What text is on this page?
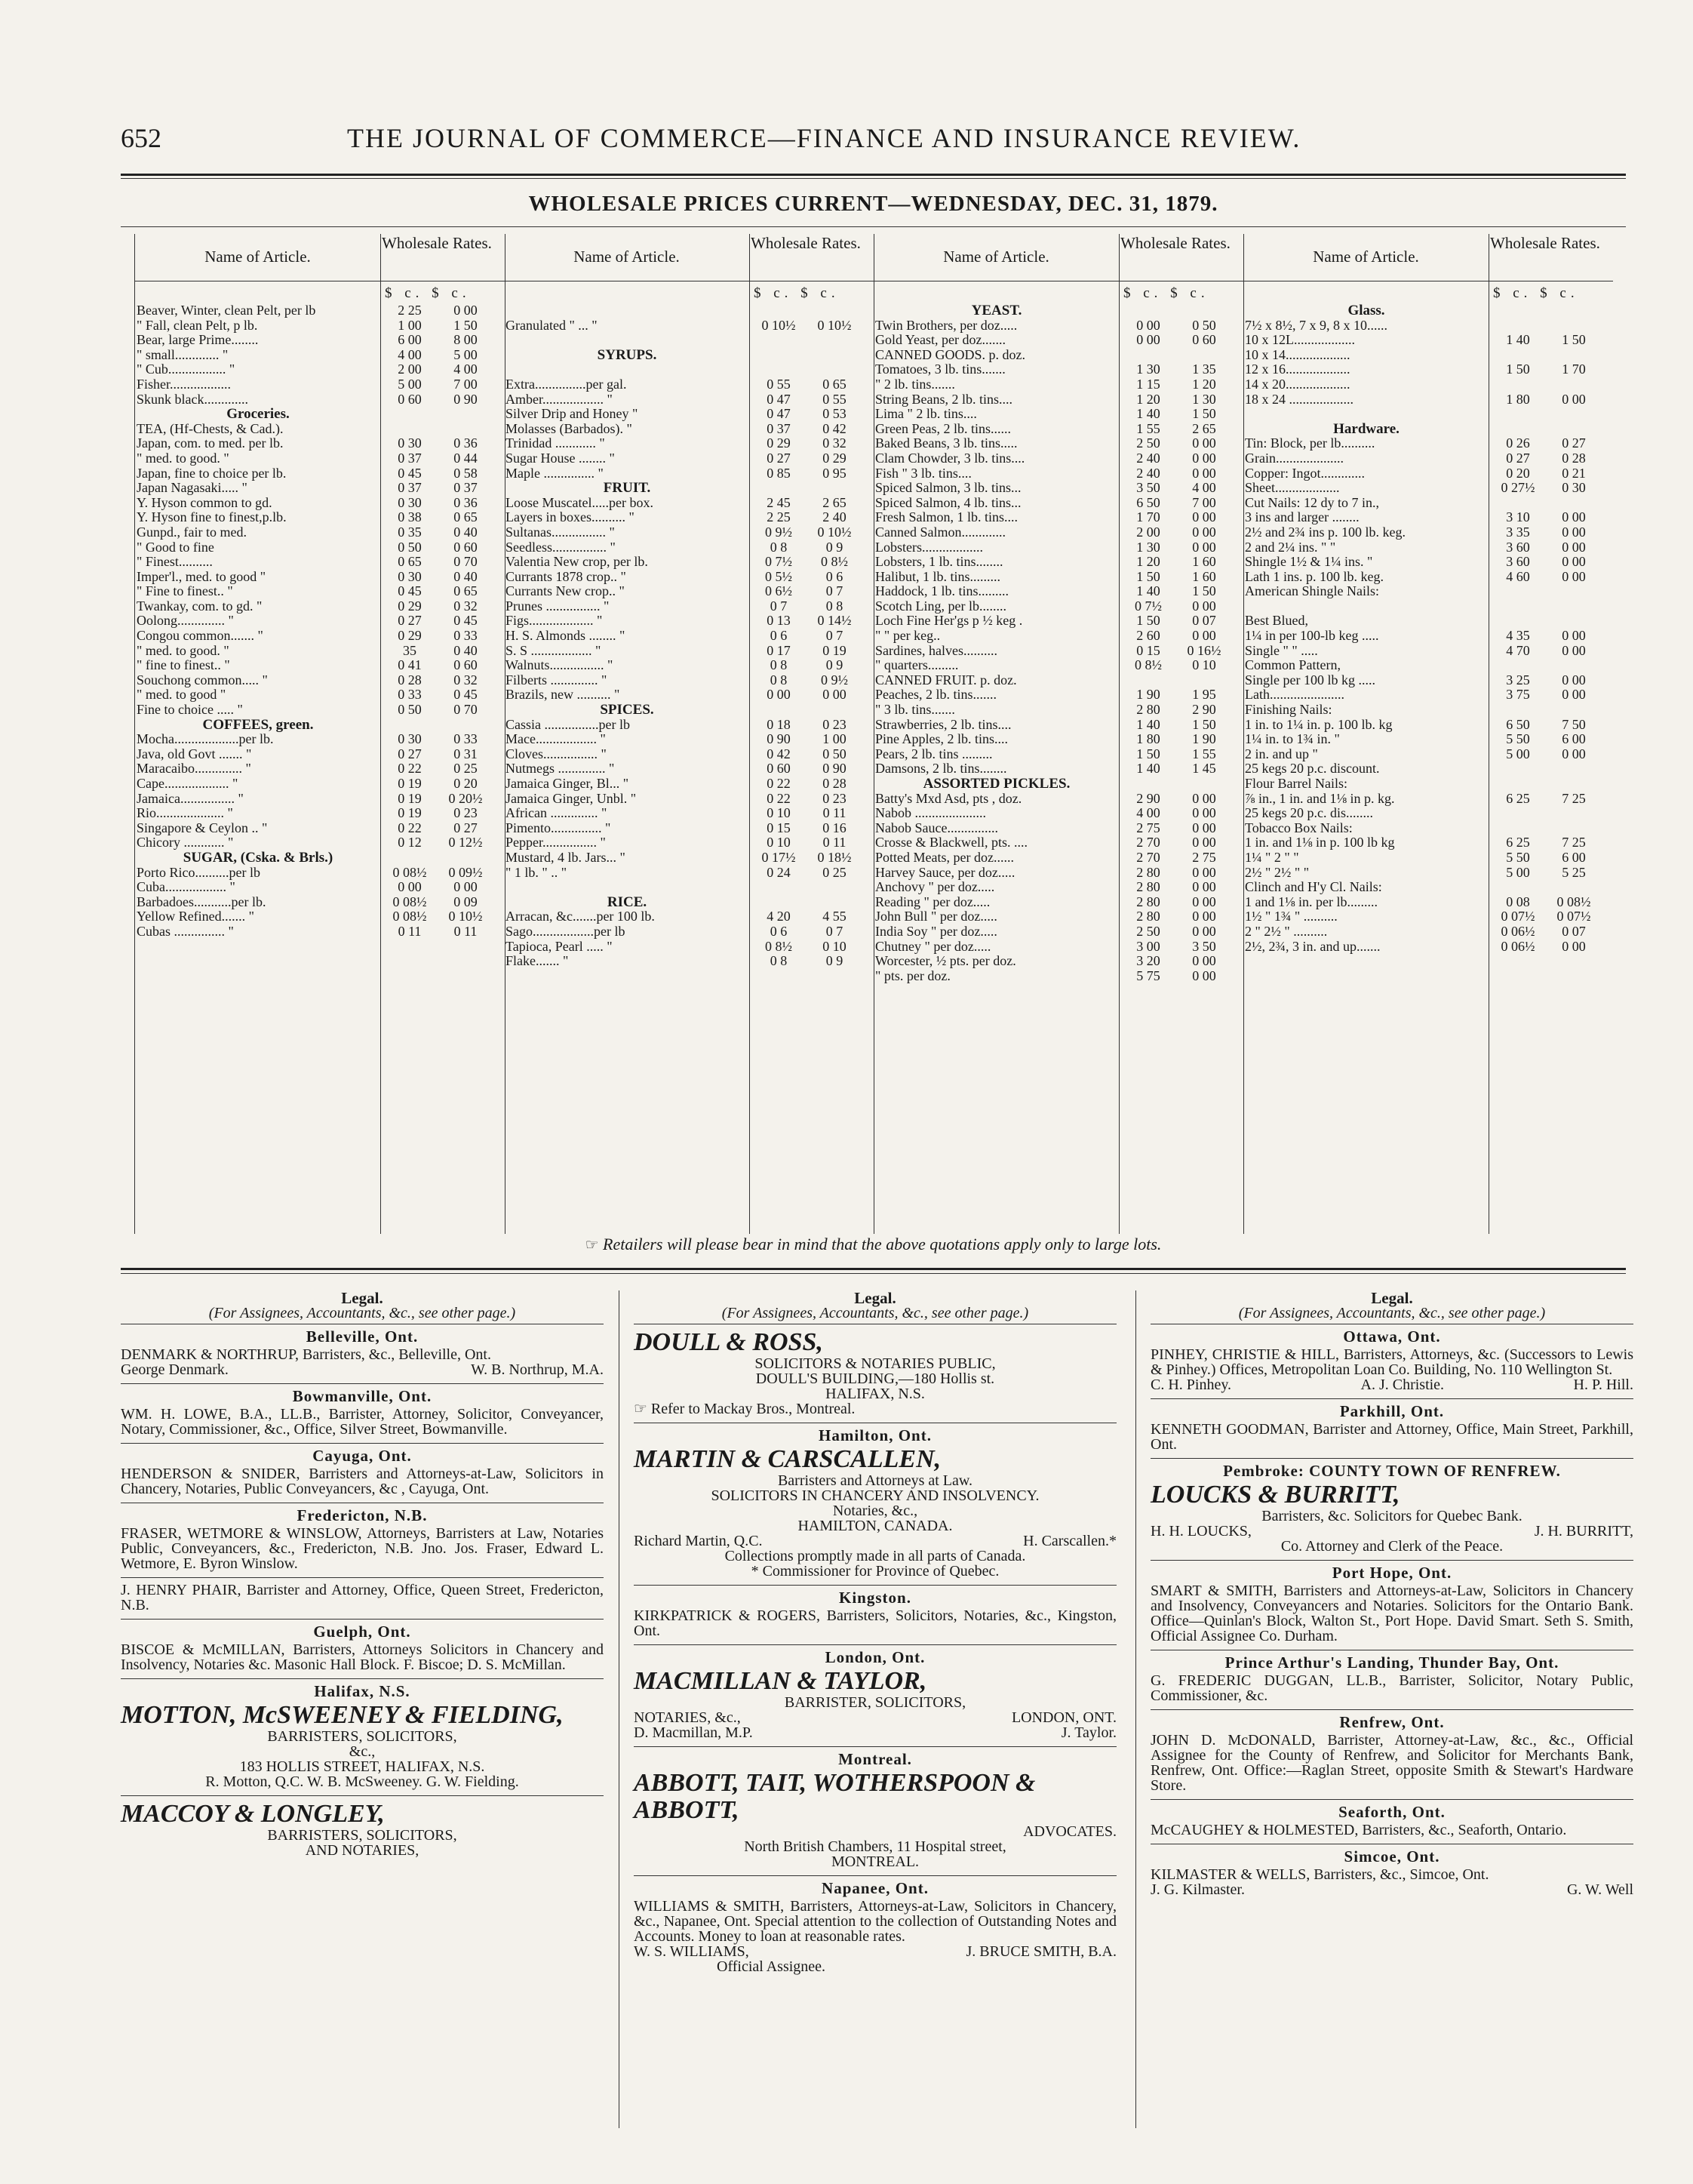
652	THE JOURNAL OF COMMERCE—FINANCE AND INSURANCE REVIEW.
WHOLESALE PRICES CURRENT—WEDNESDAY, DEC. 31, 1879.
Name of Article.
Wholesale Rates.
$ c. $ c.
Beaver, Winter, clean Pelt, per lb	2 25	0 00
" Fall, clean Pelt, p lb.	1 00	1 50
Bear, large Prime........	6 00	8 00
" small............. "	4 00	5 00
" Cub................. "	2 00	4 00
Fisher..................	5 00	7 00
Skunk black.............	0 60	0 90
Groceries.
TEA, (Hf-Chests, & Cad.).
Japan, com. to med. per lb.	0 30	0 36
" med. to good. "	0 37	0 44
Japan, fine to choice per lb.	0 45	0 58
Japan Nagasaki..... "	0 37	0 37
Y. Hyson common to gd.	0 30	0 36
Y. Hyson fine to finest,p.lb.	0 38	0 65
Gunpd., fair to med.	0 35	0 40
" Good to fine	0 50	0 60
" Finest..........	0 65	0 70
Imper'l., med. to good "	0 30	0 40
" Fine to finest.. "	0 45	0 65
Twankay, com. to gd. "	0 29	0 32
Oolong.............. "	0 27	0 45
Congou common....... "	0 29	0 33
" med. to good. "	35	0 40
" fine to finest.. "	0 41	0 60
Souchong common..... "	0 28	0 32
" med. to good "	0 33	0 45
Fine to choice ..... "	0 50	0 70
COFFEES, green.
Mocha...................per lb.	0 30	0 33
Java, old Govt ....... "	0 27	0 31
Maracaibo.............. "	0 22	0 25
Cape................... "	0 19	0 20
Jamaica................ "	0 19	0 20½
Rio.................... "	0 19	0 23
Singapore & Ceylon .. "	0 22	0 27
Chicory ............ "	0 12	0 12½
SUGAR, (Cska. & Brls.)
Porto Rico..........per lb	0 08½	0 09½
Cuba.................. "	0 00	0 00
Barbadoes...........per lb.	0 08½	0 09
Yellow Refined....... "	0 08½	0 10½
Cubas ............... "	0 11	0 11
Name of Article.
Wholesale Rates.
$ c. $ c.
Granulated " ... "	0 10½	0 10½
SYRUPS.
Extra...............per gal.	0 55	0 65
Amber.................. "	0 47	0 55
Silver Drip and Honey "	0 47	0 53
Molasses (Barbados). "	0 37	0 42
Trinidad ............ "	0 29	0 32
Sugar House ........ "	0 27	0 29
Maple ............... "	0 85	0 95
FRUIT.
Loose Muscatel.....per box.	2 45	2 65
Layers in boxes.......... "	2 25	2 40
Sultanas................ "	0 9½	0 10½
Seedless................ "	0 8	0 9
Valentia New crop, per lb.	0 7½	0 8½
Currants 1878 crop.. "	0 5½	0 6
Currants New crop.. "	0 6½	0 7
Prunes ................ "	0 7	0 8
Figs................... "	0 13	0 14½
H. S. Almonds ........ "	0 6	0 7
S. S .................. "	0 17	0 19
Walnuts................ "	0 8	0 9
Filberts .............. "	0 8	0 9½
Brazils, new .......... "	0 00	0 00
SPICES.
Cassia ................per lb	0 18	0 23
Mace.................. "	0 90	1 00
Cloves................ "	0 42	0 50
Nutmegs .............. "	0 60	0 90
Jamaica Ginger, Bl... "	0 22	0 28
Jamaica Ginger, Unbl. "	0 22	0 23
African .............. "	0 10	0 11
Pimento............... "	0 15	0 16
Pepper................ "	0 10	0 11
Mustard, 4 lb. Jars... "	0 17½	0 18½
" 1 lb. " .. "	0 24	0 25
RICE.
Arracan, &c.......per 100 lb.	4 20	4 55
Sago..................per lb	0 6	0 7
Tapioca, Pearl ..... "	0 8½	0 10
Flake....... "	0 8	0 9
Name of Article.
Wholesale Rates.
$ c. $ c.
YEAST.
Twin Brothers, per doz.....	0 00	0 50
Gold Yeast, per doz.......	0 00	0 60
CANNED GOODS. p. doz.
Tomatoes, 3 lb. tins.......	1 30	1 35
" 2 lb. tins.......	1 15	1 20
String Beans, 2 lb. tins....	1 20	1 30
Lima " 2 lb. tins....	1 40	1 50
Green Peas, 2 lb. tins......	1 55	2 65
Baked Beans, 3 lb. tins.....	2 50	0 00
Clam Chowder, 3 lb. tins....	2 40	0 00
Fish " 3 lb. tins....	2 40	0 00
Spiced Salmon, 3 lb. tins...	3 50	4 00
Spiced Salmon, 4 lb. tins...	6 50	7 00
Fresh Salmon, 1 lb. tins....	1 70	0 00
Canned Salmon.............	2 00	0 00
Lobsters..................	1 30	0 00
Lobsters, 1 lb. tins........	1 20	1 60
Halibut, 1 lb. tins.........	1 50	1 60
Haddock, 1 lb. tins.........	1 40	1 50
Scotch Ling, per lb........	0 7½	0 00
Loch Fine Her'gs p ½ keg .	1 50	0 07
" " per keg..	2 60	0 00
Sardines, halves..........	0 15	0 16½
" quarters.........	0 8½	0 10
CANNED FRUIT. p. doz.
Peaches, 2 lb. tins.......	1 90	1 95
" 3 lb. tins.......	2 80	2 90
Strawberries, 2 lb. tins....	1 40	1 50
Pine Apples, 2 lb. tins....	1 80	1 90
Pears, 2 lb. tins .........	1 50	1 55
Damsons, 2 lb. tins........	1 40	1 45
ASSORTED PICKLES.
Batty's Mxd Asd, pts , doz.	2 90	0 00
Nabob .....................	4 00	0 00
Nabob Sauce...............	2 75	0 00
Crosse & Blackwell, pts. ....	2 70	0 00
Potted Meats, per doz......	2 70	2 75
Harvey Sauce, per doz.....	2 80	0 00
Anchovy " per doz.....	2 80	0 00
Reading " per doz.....	2 80	0 00
John Bull " per doz.....	2 80	0 00
India Soy " per doz.....	2 50	0 00
Chutney " per doz.....	3 00	3 50
Worcester, ½ pts. per doz.	3 20	0 00
" pts. per doz.	5 75	0 00
Name of Article.
Wholesale Rates.
$ c. $ c.
Glass.
7½ x 8½, 7 x 9, 8 x 10......
10 x 12L..................	1 40	1 50
10 x 14...................
12 x 16...................	1 50	1 70
14 x 20...................
18 x 24 ...................	1 80	0 00
Hardware.
Tin: Block, per lb..........	0 26	0 27
Grain....................	0 27	0 28
Copper: Ingot.............	0 20	0 21
Sheet...................	0 27½	0 30
Cut Nails: 12 dy to 7 in.,
3 ins and larger ........	3 10	0 00
2½ and 2¾ ins p. 100 lb. keg.	3 35	0 00
2 and 2¼ ins. " "	3 60	0 00
Shingle 1½ & 1¼ ins. "	3 60	0 00
Lath 1 ins. p. 100 lb. keg.	4 60	0 00
American Shingle Nails:
Best Blued,
1¼ in per 100-lb keg .....	4 35	0 00
Single " " .....	4 70	0 00
Common Pattern,
Single per 100 lb kg .....	3 25	0 00
Lath......................	3 75	0 00
Finishing Nails:
1 in. to 1¼ in. p. 100 lb. kg	6 50	7 50
1¼ in. to 1¾ in. "	5 50	6 00
2 in. and up "	5 00	0 00
25 kegs 20 p.c. discount.
Flour Barrel Nails:
⅞ in., 1 in. and 1⅛ in p. kg.	6 25	7 25
25 kegs 20 p.c. dis........
Tobacco Box Nails:
1 in. and 1⅛ in p. 100 lb kg	6 25	7 25
1¼ " 2 " "	5 50	6 00
2½ " 2½ " "	5 00	5 25
Clinch and H'y Cl. Nails:
1 and 1⅛ in. per lb.........	0 08	0 08½
1½ " 1¾ " ..........	0 07½	0 07½
2 " 2½ " ..........	0 06½	0 07
2½, 2¾, 3 in. and up.......	0 06½	0 00
☞ Retailers will please bear in mind that the above quotations apply only to large lots.
Legal.
(For Assignees, Accountants, &c., see other page.)
Belleville, Ont.
DENMARK & NORTHRUP, Barristers, &c., Belleville, Ont.
George Denmark.	W. B. Northrup, M.A.
Bowmanville, Ont.
WM. H. LOWE, B.A., LL.B., Barrister, Attorney, Solicitor, Conveyancer, Notary, Commissioner, &c., Office, Silver Street, Bowmanville.
Cayuga, Ont.
HENDERSON & SNIDER, Barristers and Attorneys-at-Law, Solicitors in Chancery, Notaries, Public Conveyancers, &c , Cayuga, Ont.
Fredericton, N.B.
FRASER, WETMORE & WINSLOW, Attorneys, Barristers at Law, Notaries Public, Conveyancers, &c., Fredericton, N.B. Jno. Jos. Fraser, Edward L. Wetmore, E. Byron Winslow.
J. HENRY PHAIR, Barrister and Attorney, Office, Queen Street, Fredericton, N.B.
Guelph, Ont.
BISCOE & McMILLAN, Barristers, Attorneys Solicitors in Chancery and Insolvency, Notaries &c. Masonic Hall Block. F. Biscoe; D. S. McMillan.
Halifax, N.S.
MOTTON, McSWEENEY & FIELDING,
BARRISTERS, SOLICITORS,
&c.,
183 HOLLIS STREET, HALIFAX, N.S.
R. Motton, Q.C. W. B. McSweeney. G. W. Fielding.
MACCOY & LONGLEY,
BARRISTERS, SOLICITORS,
AND NOTARIES,
Legal.
(For Assignees, Accountants, &c., see other page.)
DOULL & ROSS,
SOLICITORS & NOTARIES PUBLIC,
DOULL'S BUILDING,—180 Hollis st.
HALIFAX, N.S.
☞ Refer to Mackay Bros., Montreal.
Hamilton, Ont.
MARTIN & CARSCALLEN,
Barristers and Attorneys at Law.
SOLICITORS IN CHANCERY AND INSOLVENCY.
Notaries, &c.,
HAMILTON, CANADA.
Richard Martin, Q.C.	H. Carscallen.*
Collections promptly made in all parts of Canada.
* Commissioner for Province of Quebec.
Kingston.
KIRKPATRICK & ROGERS, Barristers, Solicitors, Notaries, &c., Kingston, Ont.
London, Ont.
MACMILLAN & TAYLOR,
BARRISTER, SOLICITORS,
NOTARIES, &c.,	LONDON, ONT.
D. Macmillan, M.P.	J. Taylor.
Montreal.
ABBOTT, TAIT, WOTHERSPOON & ABBOTT,
ADVOCATES.
North British Chambers, 11 Hospital street,
MONTREAL.
Napanee, Ont.
WILLIAMS & SMITH, Barristers, Attorneys-at-Law, Solicitors in Chancery, &c., Napanee, Ont. Special attention to the collection of Outstanding Notes and Accounts. Money to loan at reasonable rates.
W. S. WILLIAMS,	J. BRUCE SMITH, B.A.
Official Assignee.
Legal.
(For Assignees, Accountants, &c., see other page.)
Ottawa, Ont.
PINHEY, CHRISTIE & HILL, Barristers, Attorneys, &c. (Successors to Lewis & Pinhey.) Offices, Metropolitan Loan Co. Building, No. 110 Wellington St.
C. H. Pinhey.	A. J. Christie.	H. P. Hill.
Parkhill, Ont.
KENNETH GOODMAN, Barrister and Attorney, Office, Main Street, Parkhill, Ont.
Pembroke: COUNTY TOWN OF RENFREW.
LOUCKS & BURRITT,
Barristers, &c. Solicitors for Quebec Bank.
H. H. LOUCKS,	J. H. BURRITT,
Co. Attorney and Clerk of the Peace.
Port Hope, Ont.
SMART & SMITH, Barristers and Attorneys-at-Law, Solicitors in Chancery and Insolvency, Conveyancers and Notaries. Solicitors for the Ontario Bank. Office—Quinlan's Block, Walton St., Port Hope. David Smart. Seth S. Smith, Official Assignee Co. Durham.
Prince Arthur's Landing, Thunder Bay, Ont.
G. FREDERIC DUGGAN, LL.B., Barrister, Solicitor, Notary Public, Commissioner, &c.
Renfrew, Ont.
JOHN D. McDONALD, Barrister, Attorney-at-Law, &c., &c., Official Assignee for the County of Renfrew, and Solicitor for Merchants Bank, Renfrew, Ont. Office:—Raglan Street, opposite Smith & Stewart's Hardware Store.
Seaforth, Ont.
McCAUGHEY & HOLMESTED, Barristers, &c., Seaforth, Ontario.
Simcoe, Ont.
KILMASTER & WELLS, Barristers, &c., Simcoe, Ont.
J. G. Kilmaster.	G. W. Well
